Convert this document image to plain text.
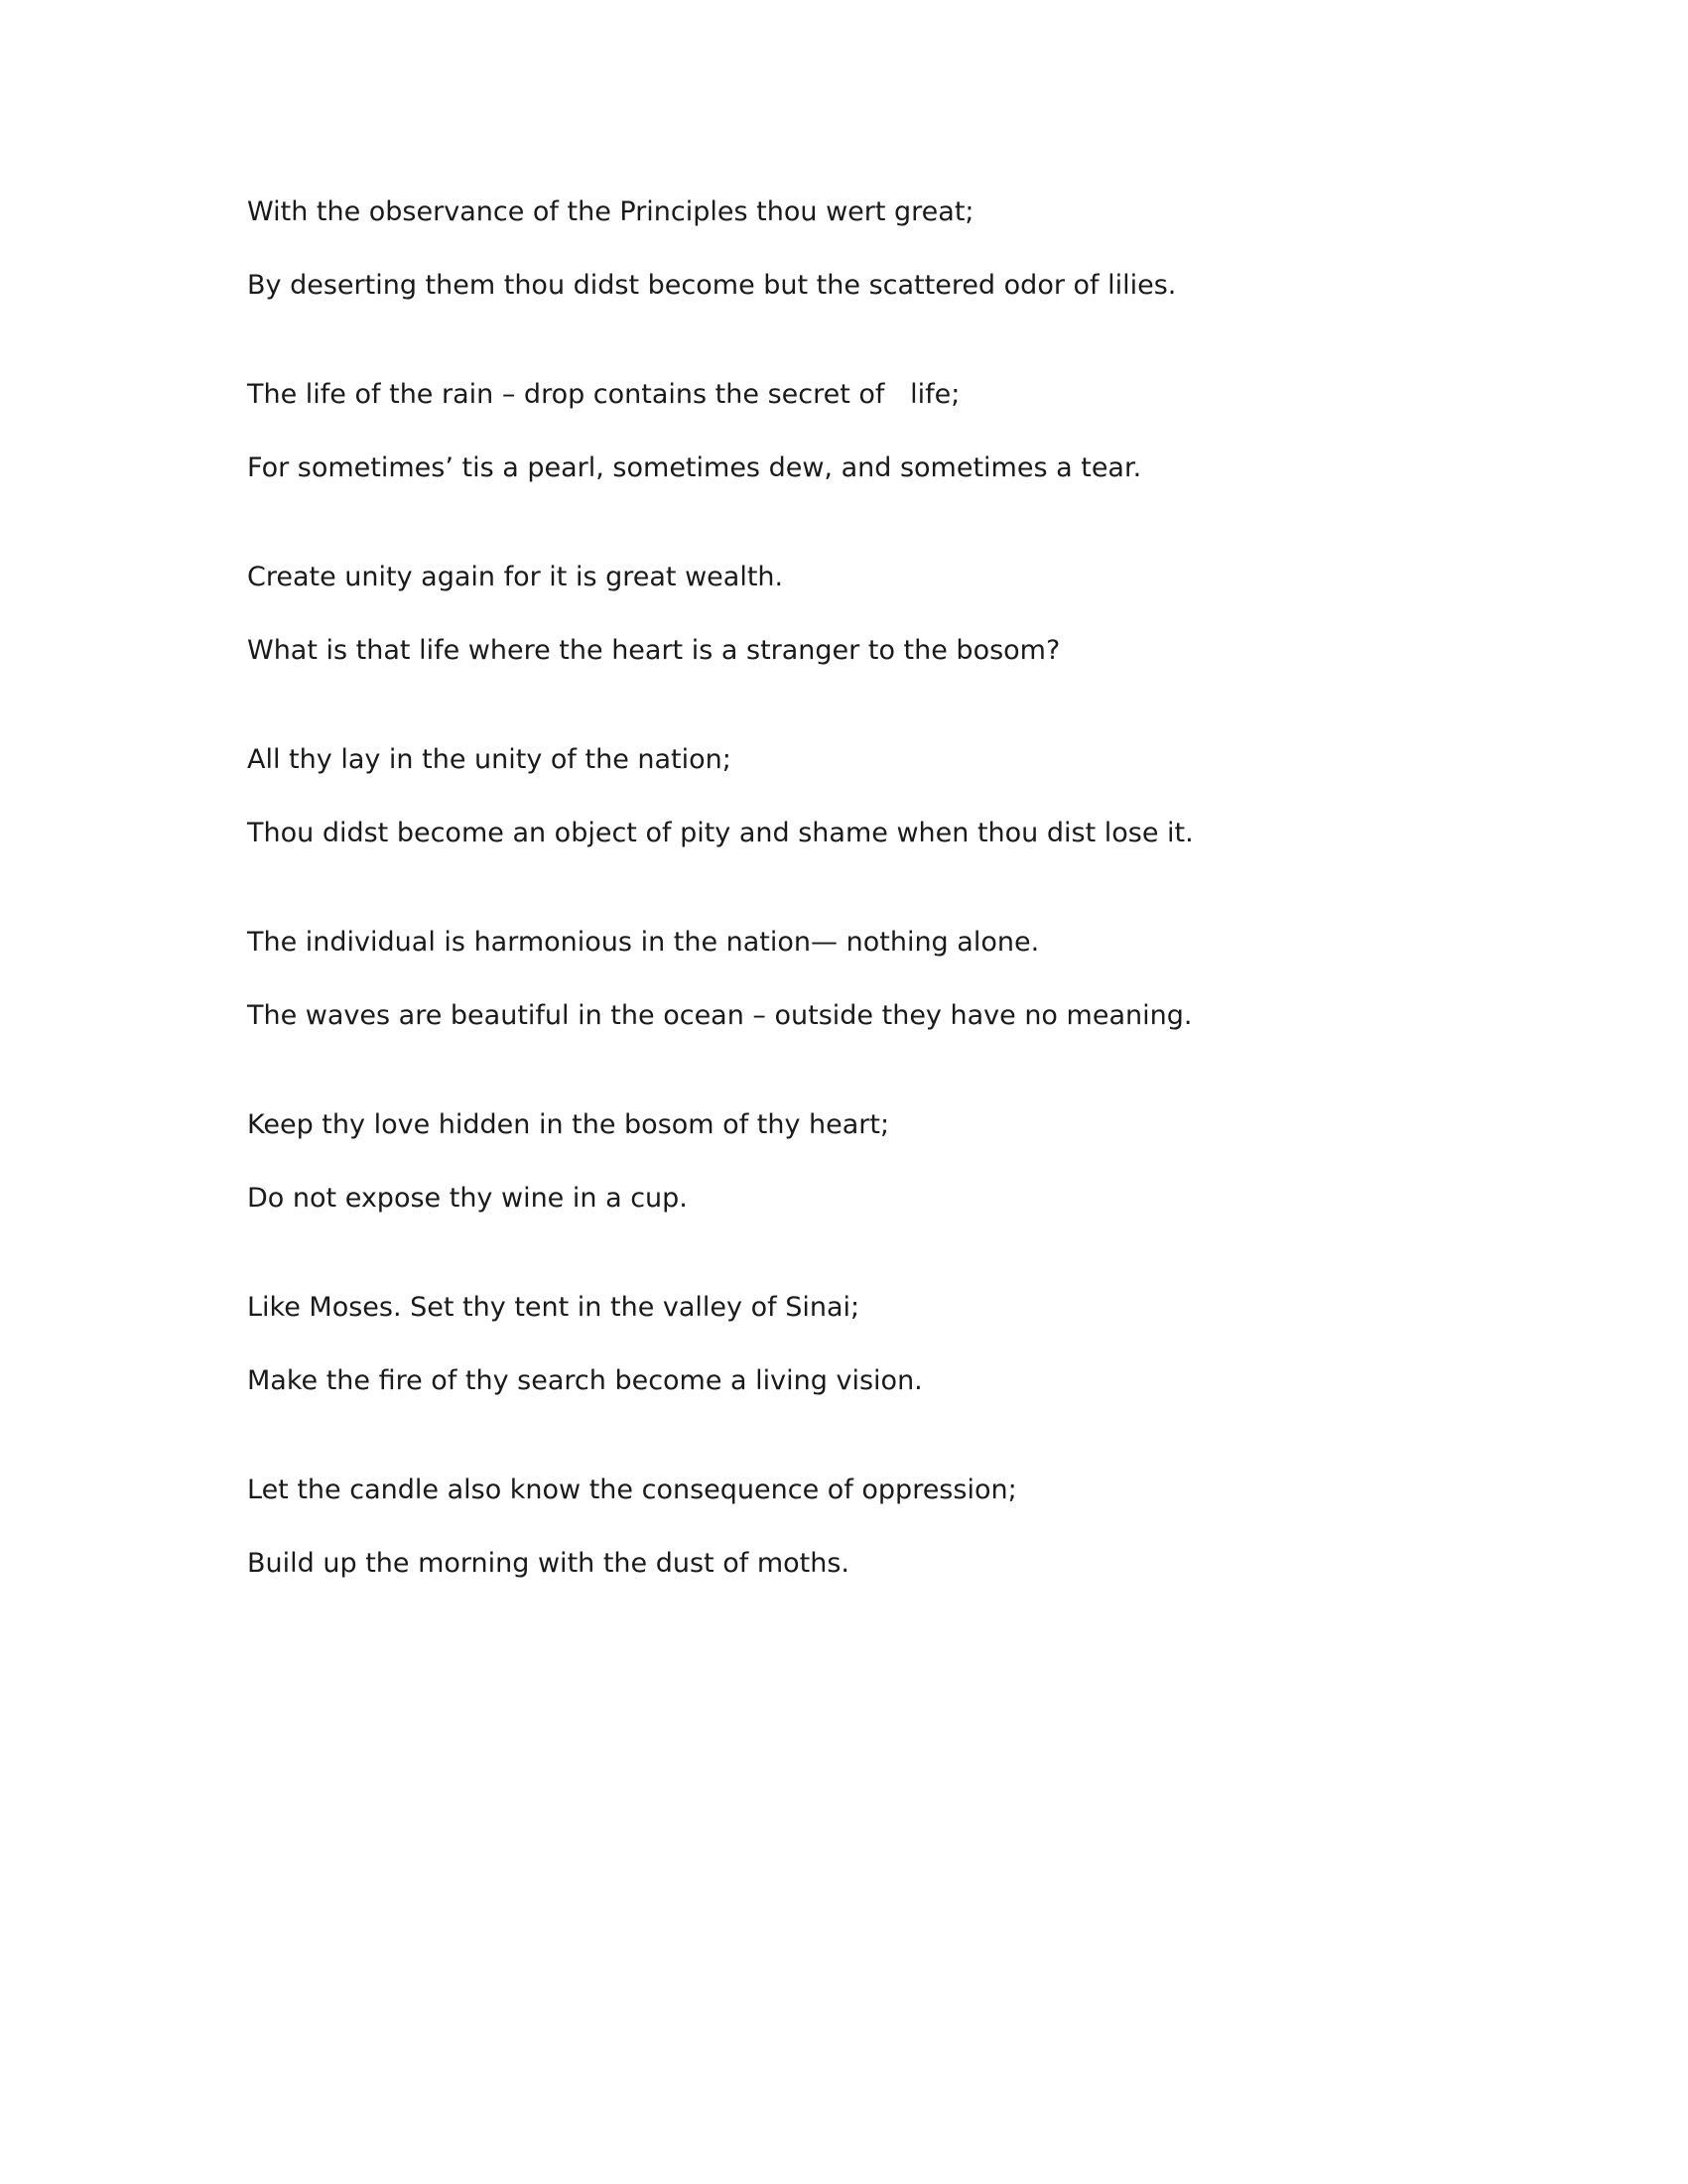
With the observance of the Principles thou wert great;
By deserting them thou didst become but the scattered odor of lilies.
The life of the rain – drop contains the secret of   life;
For sometimes’ tis a pearl, sometimes dew, and sometimes a tear.
Create unity again for it is great wealth.
What is that life where the heart is a stranger to the bosom?
All thy lay in the unity of the nation;
Thou didst become an object of pity and shame when thou dist lose it.
The individual is harmonious in the nation— nothing alone.
The waves are beautiful in the ocean – outside they have no meaning.
Keep thy love hidden in the bosom of thy heart;
Do not expose thy wine in a cup.
Like Moses. Set thy tent in the valley of Sinai;
Make the fire of thy search become a living vision.
Let the candle also know the consequence of oppression;
Build up the morning with the dust of moths.
